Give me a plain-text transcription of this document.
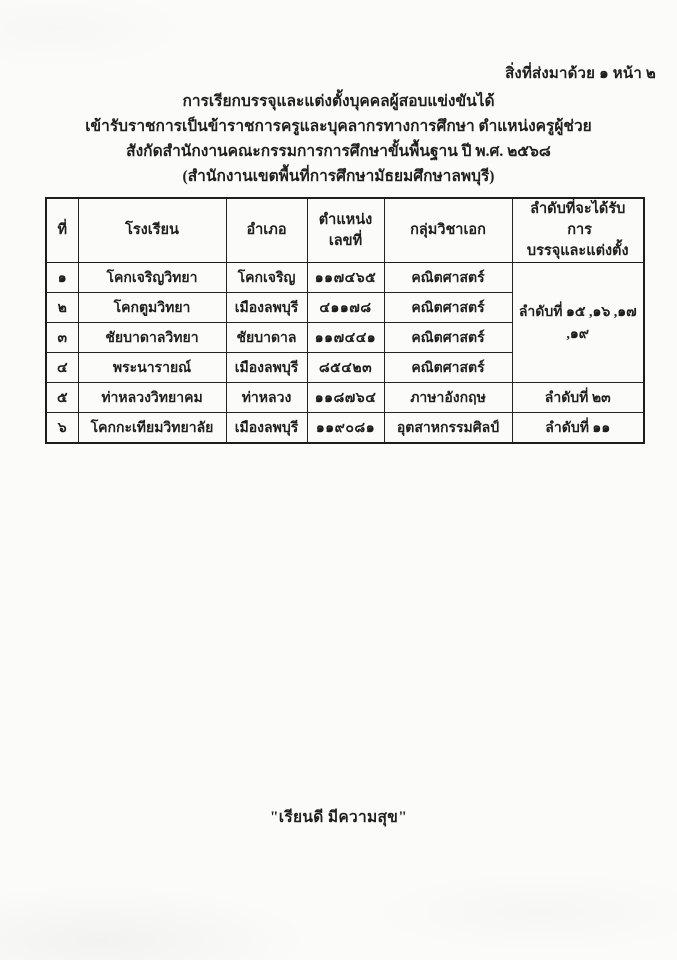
สิ่งที่ส่งมาด้วย ๑ หน้า ๒
การเรียกบรรจุและแต่งตั้งบุคคลผู้สอบแข่งขันได้
เข้ารับราชการเป็นข้าราชการครูและบุคลากรทางการศึกษา ตำแหน่งครูผู้ช่วย
สังกัดสำนักงานคณะกรรมการการศึกษาขั้นพื้นฐาน ปี พ.ศ. ๒๕๖๘
(สำนักงานเขตพื้นที่การศึกษามัธยมศึกษาลพบุรี)
ที่	โรงเรียน	อำเภอ	ตำแหน่งเลขที่	กลุ่มวิชาเอก	ลำดับที่จะได้รับ  การ
บรรจุและแต่งตั้ง

๑	โคกเจริญวิทยา	โคกเจริญ	๑๑๗๔๖๕	คณิตศาสตร์	ลำดับที่ ๑๕ ,๑๖ ,๑๗ ,๑๙
๒	โคกตูมวิทยา	เมืองลพบุรี	๔๑๑๗๘	คณิตศาสตร์	
๓	ชัยบาดาลวิทยา	ชัยบาดาล	๑๑๗๔๔๑	คณิตศาสตร์	
๔	พระนารายณ์	เมืองลพบุรี	๘๕๔๒๓	คณิตศาสตร์	
๕	ท่าหลวงวิทยาคม	ท่าหลวง	๑๑๘๗๖๔	ภาษาอังกฤษ	ลำดับที่ ๒๓
๖	โคกกะเทียมวิทยาลัย	เมืองลพบุรี	๑๑๙๐๘๑	อุตสาหกรรมศิลป์	ลำดับที่ ๑๑
"เรียนดี มีความสุข"
